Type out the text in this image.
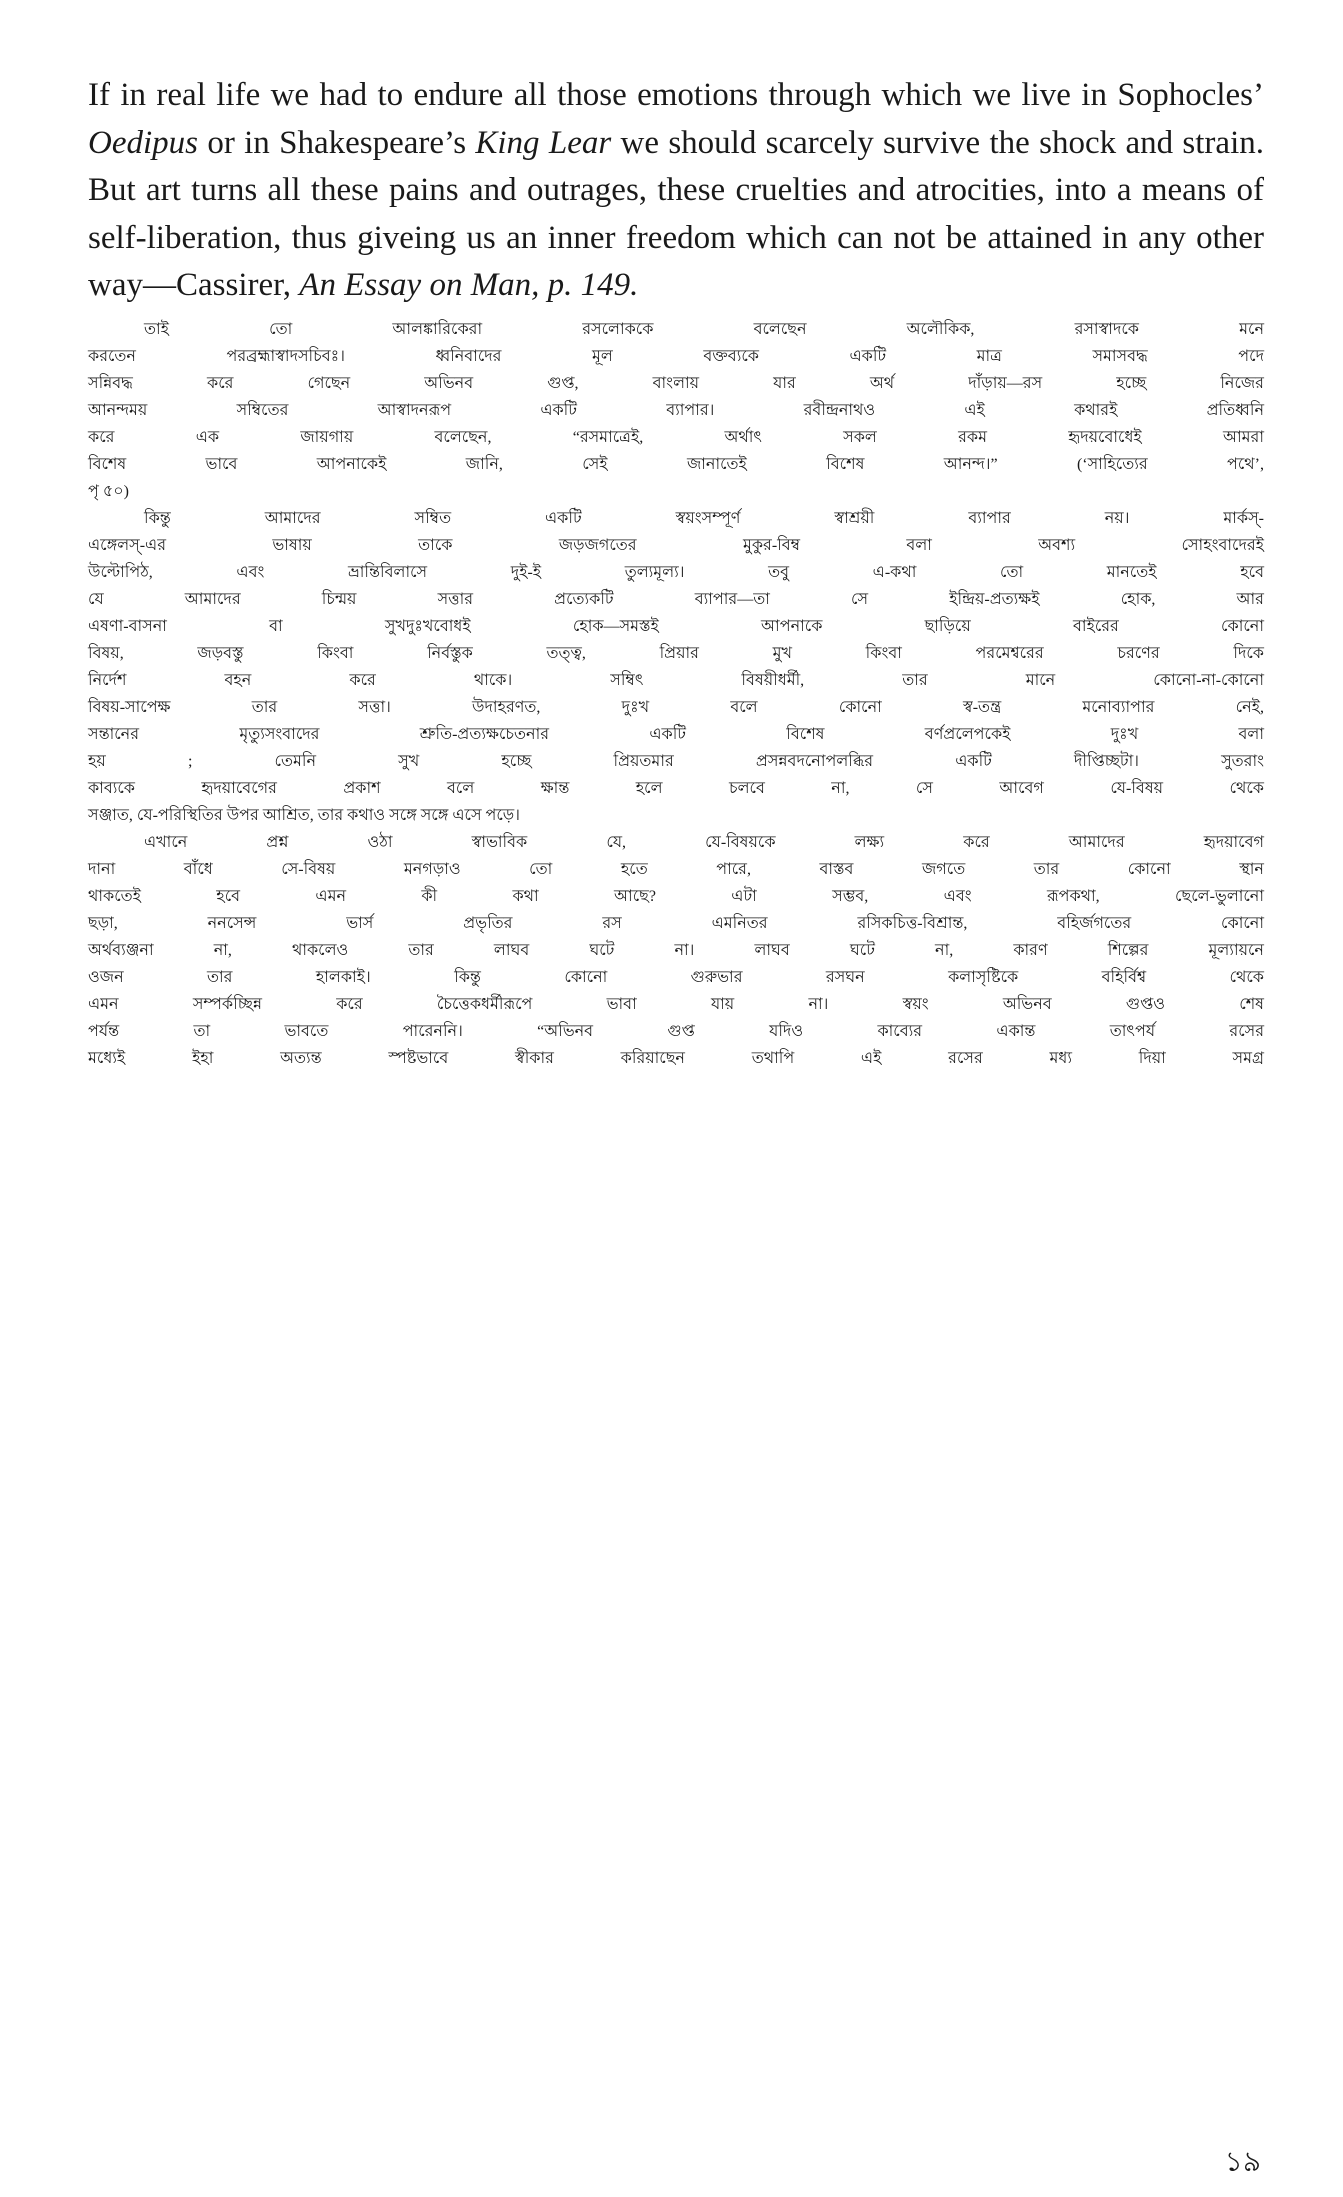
If in real life we had to endure all those emotions through which we live in Sophocles’ Oedipus or in Shakespeare’s King Lear we should scarcely survive the shock and strain. But art turns all these pains and outrages, these cruelties and atrocities, into a means of self-liberation, thus giveing us an inner freedom which can not be attained in any other way—Cassirer, An Essay on Man, p. 149.

তাই তো আলঙ্কারিকেরা রসলোককে বলেছেন অলৌকিক, রসাস্বাদকে মনে
করতেন পরব্রহ্মাস্বাদসচিবঃ। ধ্বনিবাদের মূল বক্তব্যকে একটি মাত্র সমাসবদ্ধ পদে
সন্নিবদ্ধ করে গেছেন অভিনব গুপ্ত, বাংলায় যার অর্থ দাঁড়ায়—রস হচ্ছে নিজের
আনন্দময় সম্বিতের আস্বাদনরূপ একটি ব্যাপার। রবীন্দ্রনাথও এই কথারই প্রতিধ্বনি
করে এক জায়গায় বলেছেন, “রসমাত্রেই, অর্থাৎ সকল রকম হৃদয়বোধেই আমরা
বিশেষ ভাবে আপনাকেই জানি, সেই জানাতেই বিশেষ আনন্দ।” (‘সাহিত্যের পথে’,
পৃ ৫০)
কিন্তু আমাদের সম্বিত একটি স্বয়ংসম্পূর্ণ স্বাশ্রয়ী ব্যাপার নয়। মার্কস্-
এঙ্গেলস্-এর ভাষায় তাকে জড়জগতের মুকুর-বিম্ব বলা অবশ্য সোহংবাদেরই
উল্টোপিঠ, এবং ভ্রান্তিবিলাসে দুই-ই তুল্যমূল্য। তবু এ-কথা তো মানতেই হবে
যে আমাদের চিন্ময় সত্তার প্রত্যেকটি ব্যাপার—তা সে ইন্দ্রিয়-প্রত্যক্ষই হোক, আর
এষণা-বাসনা বা সুখদুঃখবোধই হোক—সমস্তই আপনাকে ছাড়িয়ে বাইরের কোনো
বিষয়, জড়বস্তু কিংবা নির্বস্তুক তত্ত্ব, প্রিয়ার মুখ কিংবা পরমেশ্বরের চরণের দিকে
নির্দেশ বহন করে থাকে। সম্বিৎ বিষয়ীধর্মী, তার মানে কোনো-না-কোনো
বিষয়-সাপেক্ষ তার সত্তা। উদাহরণত, দুঃখ বলে কোনো স্ব-তন্ত্র মনোব্যাপার নেই,
সন্তানের মৃত্যুসংবাদের শ্রুতি-প্রত্যক্ষচেতনার একটি বিশেষ বর্ণপ্রলেপকেই দুঃখ বলা
হয় ; তেমনি সুখ হচ্ছে প্রিয়তমার প্রসন্নবদনোপলব্ধির একটি দীপ্তিচ্ছটা। সুতরাং
কাব্যকে হৃদয়াবেগের প্রকাশ বলে ক্ষান্ত হলে চলবে না, সে আবেগ যে-বিষয় থেকে
সঞ্জাত, যে-পরিস্থিতির উপর আশ্রিত, তার কথাও সঙ্গে সঙ্গে এসে পড়ে।
এখানে প্রশ্ন ওঠা স্বাভাবিক যে, যে-বিষয়কে লক্ষ্য করে আমাদের হৃদয়াবেগ
দানা বাঁধে সে-বিষয় মনগড়াও তো হতে পারে, বাস্তব জগতে তার কোনো স্থান
থাকতেই হবে এমন কী কথা আছে? এটা সম্ভব, এবং রূপকথা, ছেলে-ভুলানো
ছড়া, ননসেন্স ভার্স প্রভৃতির রস এমনিতর রসিকচিত্ত-বিশ্রান্ত, বহির্জগতের কোনো
অর্থব্যঞ্জনা না, থাকলেও তার লাঘব ঘটে না। লাঘব ঘটে না, কারণ শিল্পের মূল্যায়নে
ওজন তার হালকাই। কিন্তু কোনো গুরুভার রসঘন কলাসৃষ্টিকে বহির্বিশ্ব থেকে
এমন সম্পর্কচ্ছিন্ন করে চৈত্তেকধর্মীরূপে ভাবা যায় না। স্বয়ং অভিনব গুপ্তও শেষ
পর্যন্ত তা ভাবতে পারেননি। “অভিনব গুপ্ত যদিও কাব্যের একান্ত তাৎপর্য রসের
মধ্যেই ইহা অত্যন্ত স্পষ্টভাবে স্বীকার করিয়াছেন তথাপি এই রসের মধ্য দিয়া সমগ্র
১৯
